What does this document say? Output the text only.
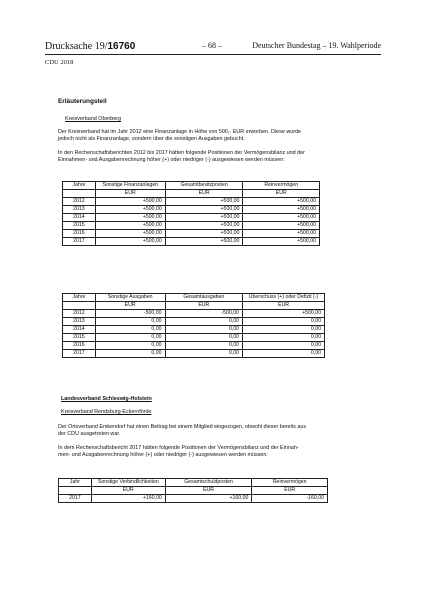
Drucksache 19/16760	– 68 –	Deutscher Bundestag – 19. Wahlperiode
CDU 2018
Erläuterungsteil
Kreisverband Oberberg
Der Kreisverband hat im Jahr 2012 eine Finanzanlage in Höhe von 500,- EUR erworben. Diese wurde
jedoch nicht als Finanzanlage, sondern über die sonstigen Ausgaben gebucht.
In den Rechenschaftsberichten 2012 bis 2017 hätten folgende Positionen der Vermögensbilanz und der
Einnahmen- und Ausgabenrechnung höher (+) oder niedriger (-) ausgewiesen werden müssen:
Jahre	Sonstige Finanzanlagen	Gesamtbesitzposten	Reinvermögen
	EUR	EUR	EUR
2012	+500,00	+500,00	+500,00
2013	+500,00	+500,00	+500,00
2014	+500,00	+500,00	+500,00
2015	+500,00	+500,00	+500,00
2016	+500,00	+500,00	+500,00
2017	+500,00	+500,00	+500,00
Jahre	Sonstige Ausgaben	Gesamtausgaben	Überschuss (+) oder Defizit (-)
	EUR	EUR	EUR
2012	-500,00	-500,00	+500,00
2013	0,00	0,00	0,00
2014	0,00	0,00	0,00
2015	0,00	0,00	0,00
2016	0,00	0,00	0,00
2017	0,00	0,00	0,00
Landesverband Schleswig-Holstein
Kreisverband Rendsburg-Eckernförde
Der Ortsverband Emkendorf hat einen Beitrag bei einem Mitglied eingezogen, obwohl dieser bereits aus
der CDU ausgetreten war.
In dem Rechenschaftsbericht 2017 hätten folgende Positionen der Vermögensbilanz und der Einnah-
men- und Ausgabenrechnung höher (+) oder niedriger (-) ausgewiesen werden müssen:
Jahr	Sonstige Verbindlichkeiten	Gesamtschuldposten	Reinvermögen
	EUR	EUR	EUR
2017	+160,00	+160,00	-160,00
